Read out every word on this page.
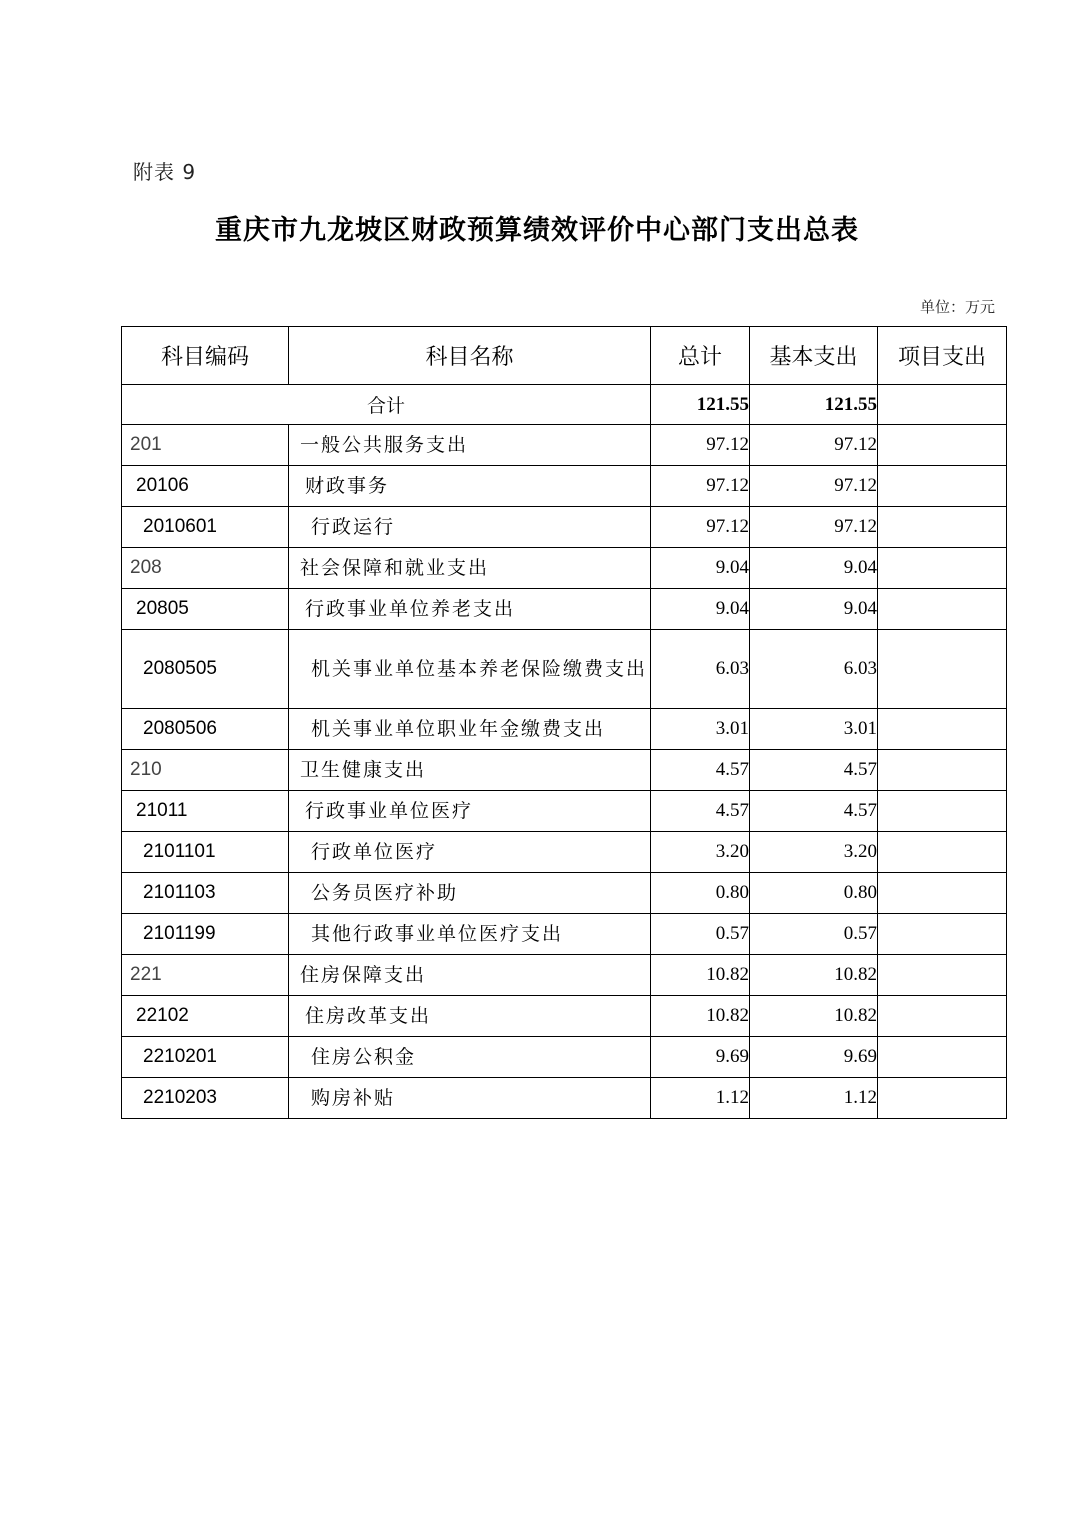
附表 9
重庆市九龙坡区财政预算绩效评价中心部门支出总表
单位：万元
科目编码	科目名称	总计	基本支出	项目支出
合计		121.55	121.55	
201	一般公共服务支出	97.12	97.12	
20106	财政事务	97.12	97.12	
2010601	行政运行	97.12	97.12	
208	社会保障和就业支出	9.04	9.04	
20805	行政事业单位养老支出	9.04	9.04	
2080505	机关事业单位基本养老保险缴费支出	6.03	6.03	
2080506	机关事业单位职业年金缴费支出	3.01	3.01	
210	卫生健康支出	4.57	4.57	
21011	行政事业单位医疗	4.57	4.57	
2101101	行政单位医疗	3.20	3.20	
2101103	公务员医疗补助	0.80	0.80	
2101199	其他行政事业单位医疗支出	0.57	0.57	
221	住房保障支出	10.82	10.82	
22102	住房改革支出	10.82	10.82	
2210201	住房公积金	9.69	9.69	
2210203	购房补贴	1.12	1.12	
